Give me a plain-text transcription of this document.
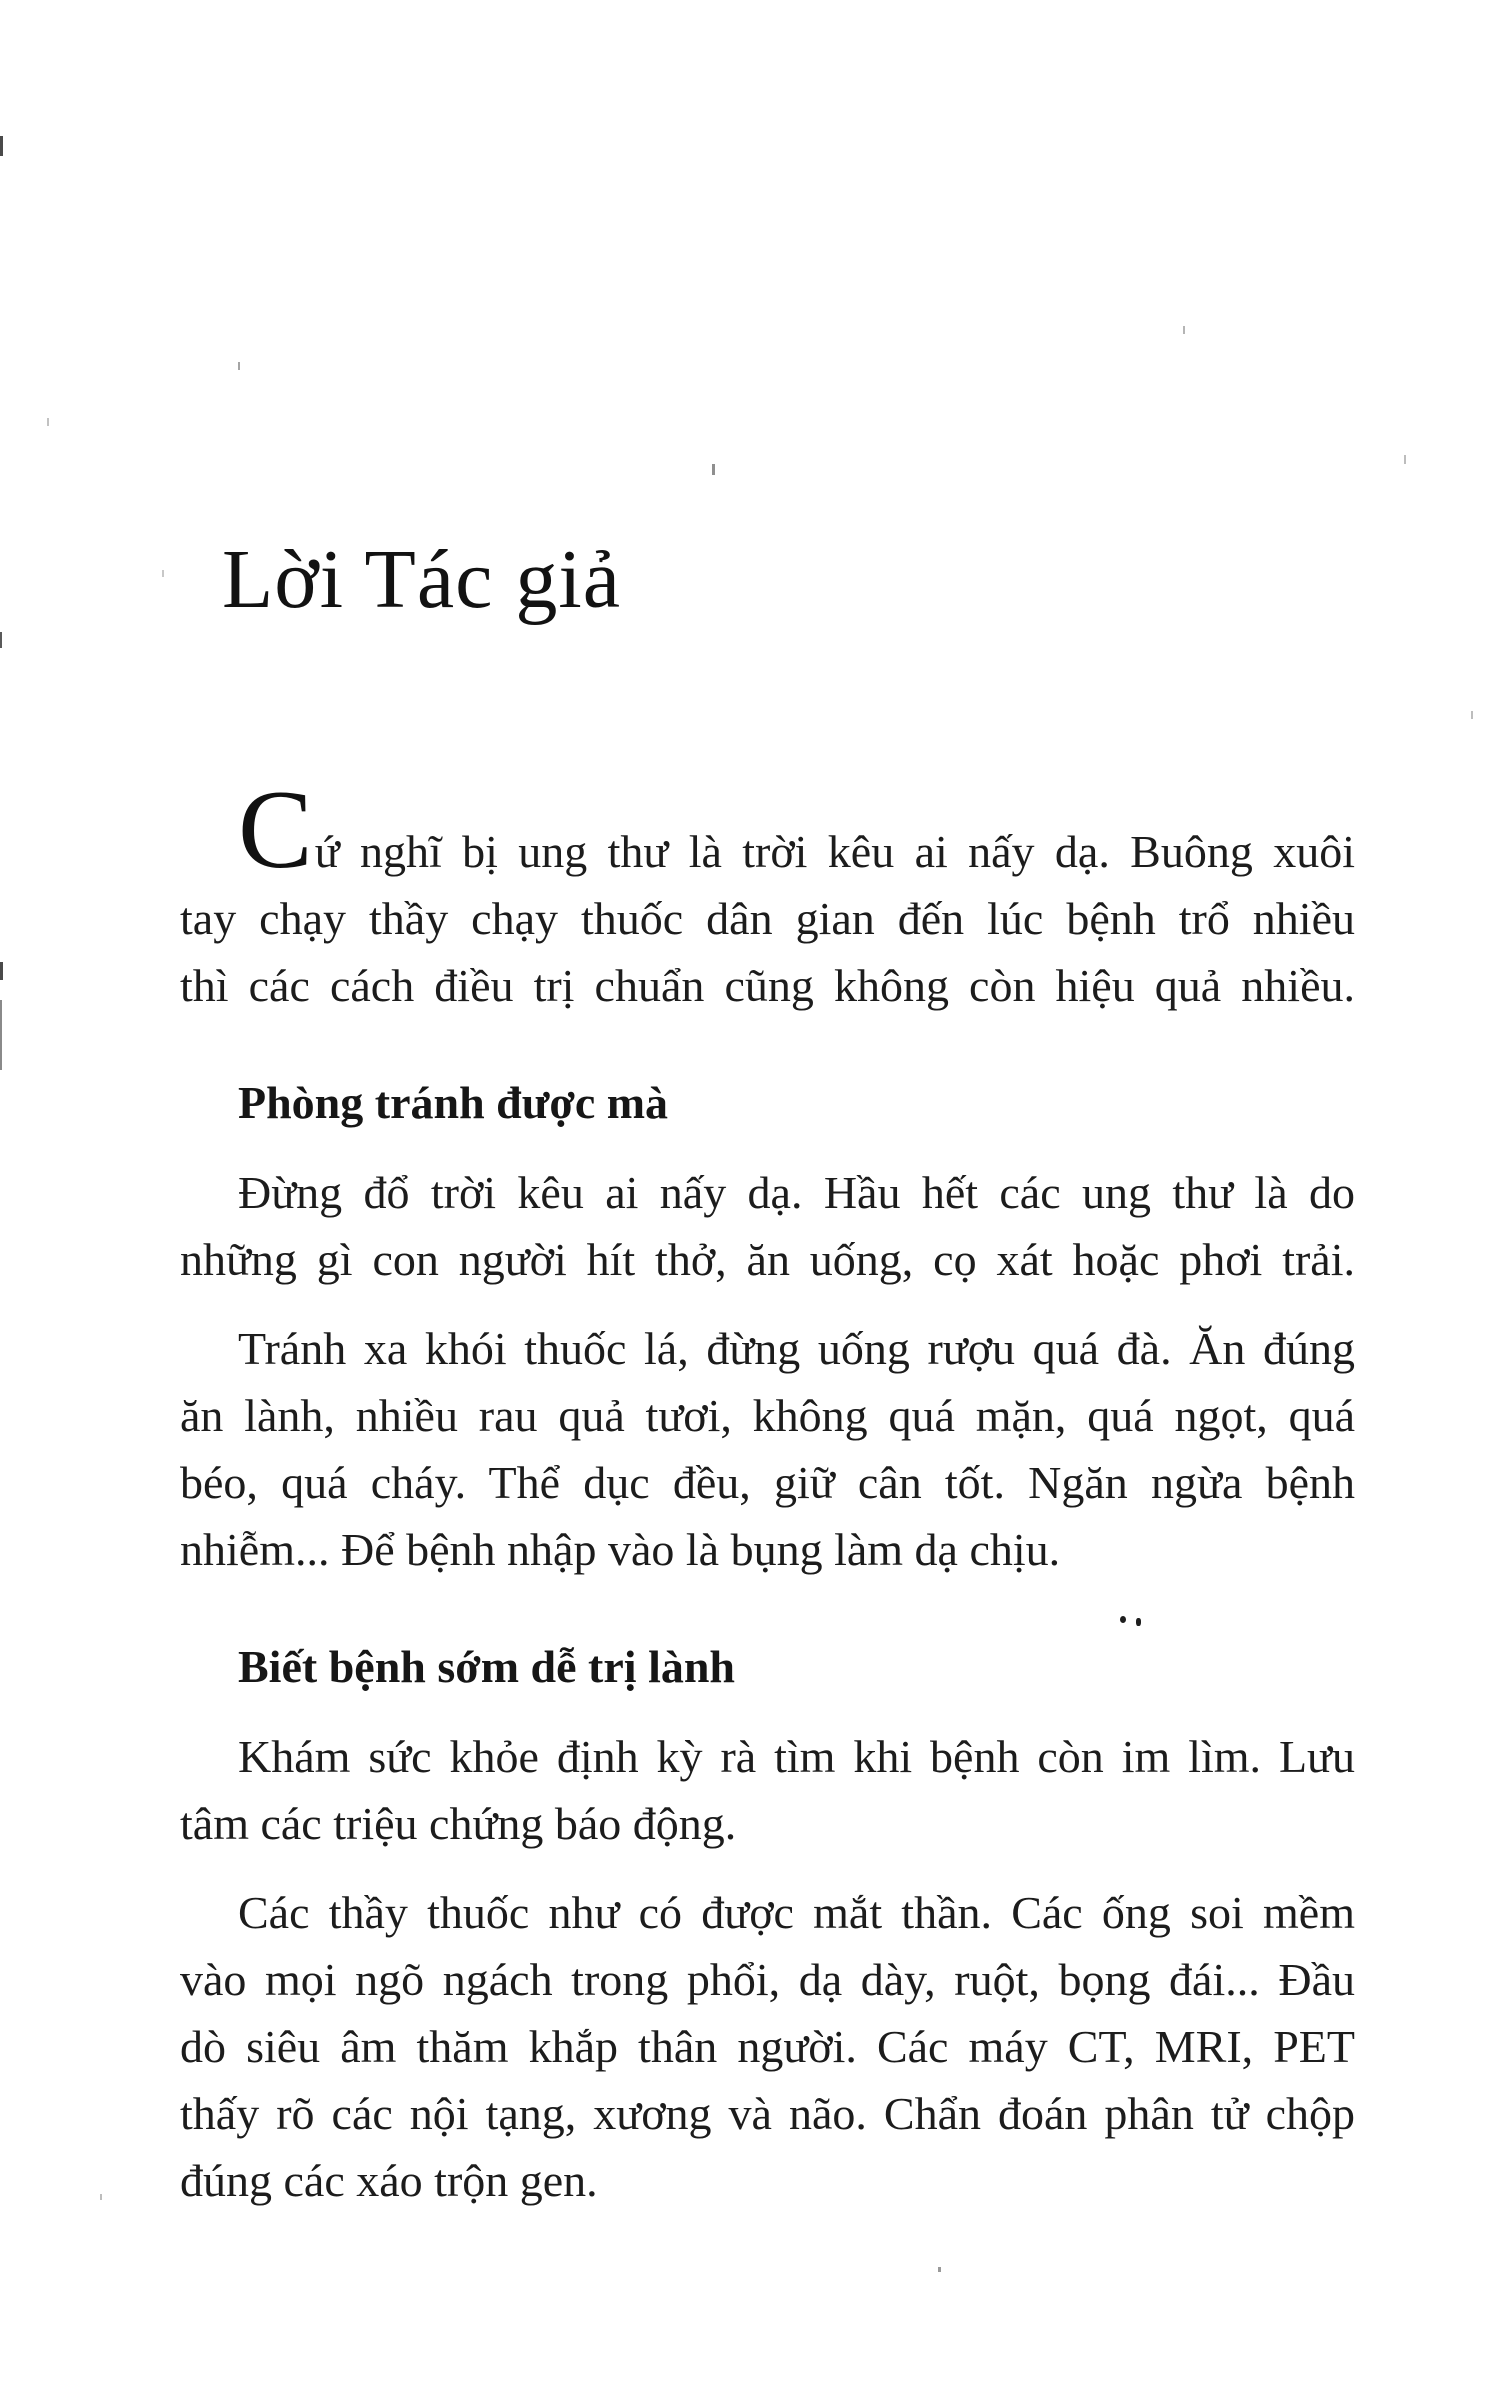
Lời Tác giả
Cứ nghĩ bị ung thư là trời kêu ai nấy dạ. Buông xuôi
tay chạy thầy chạy thuốc dân gian đến lúc bệnh trổ nhiều
thì các cách điều trị chuẩn cũng không còn hiệu quả nhiều.
Phòng tránh được mà
Đừng đổ trời kêu ai nấy dạ. Hầu hết các ung thư là do
những gì con người hít thở, ăn uống, cọ xát hoặc phơi trải.
Tránh xa khói thuốc lá, đừng uống rượu quá đà. Ăn đúng
ăn lành, nhiều rau quả tươi, không quá mặn, quá ngọt, quá
béo, quá cháy. Thể dục đều, giữ cân tốt. Ngăn ngừa bệnh
nhiễm... Để bệnh nhập vào là bụng làm dạ chịu.
Biết bệnh sớm dễ trị lành
Khám sức khỏe định kỳ rà tìm khi bệnh còn im lìm. Lưu
tâm các triệu chứng báo động.
Các thầy thuốc như có được mắt thần. Các ống soi mềm
vào mọi ngõ ngách trong phổi, dạ dày, ruột, bọng đái... Đầu
dò siêu âm thăm khắp thân người. Các máy CT, MRI, PET
thấy rõ các nội tạng, xương và não. Chẩn đoán phân tử chộp
đúng các xáo trộn gen.
